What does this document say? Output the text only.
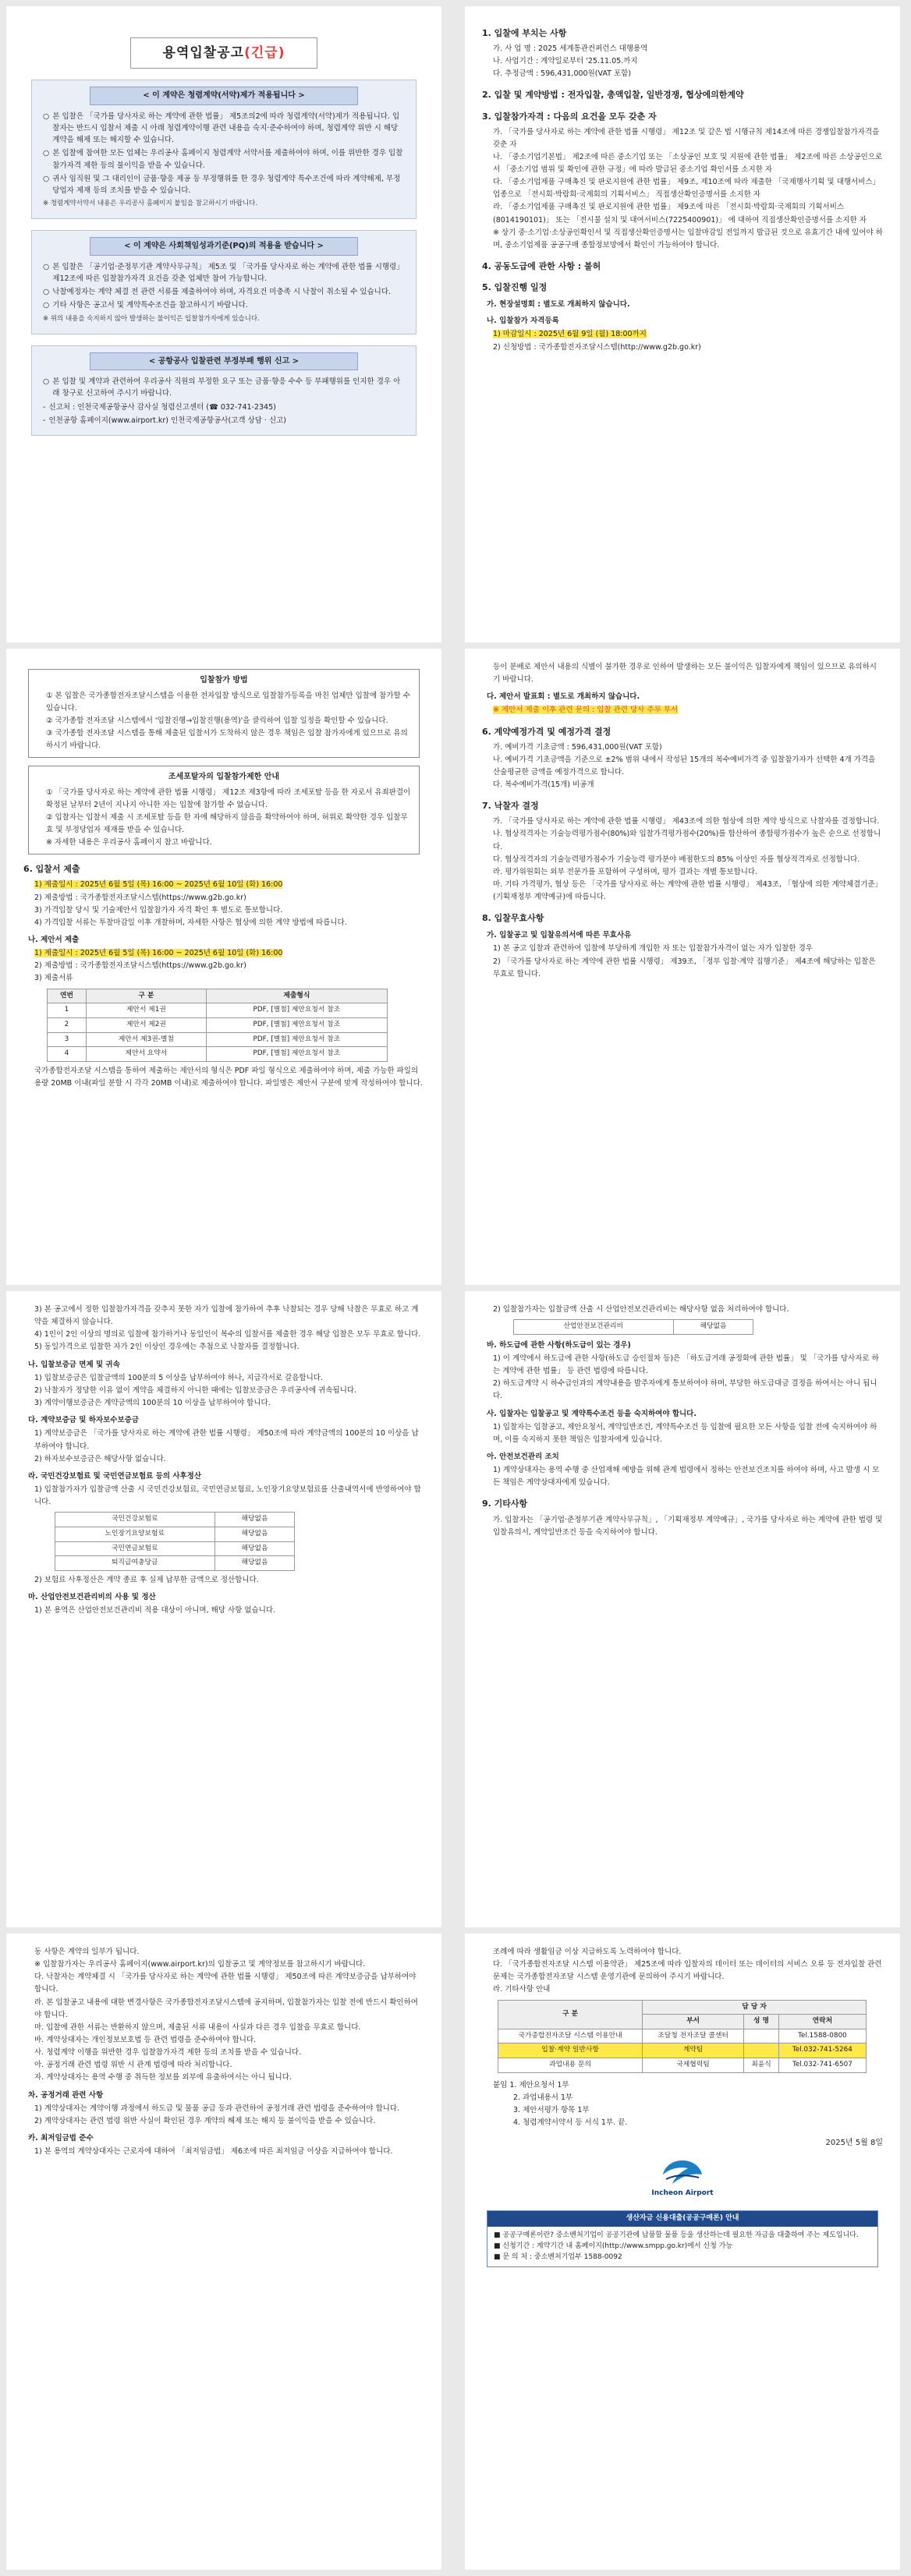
용역입찰공고(긴급)
< 이 계약은 청렴계약(서약)제가 적용됩니다 >
○ 본 입찰은 「국가를 당사자로 하는 계약에 관한 법률」 제5조의2에 따라 청렴계약(서약)제가 적용됩니다. 입찰자는 반드시 입찰서 제출 시 아래 청렴계약이행 관련 내용을 숙지·준수하여야 하며, 청렴계약 위반 시 해당 계약을 해제 또는 해지할 수 있습니다.
○ 본 입찰에 참여한 모든 업체는 우리공사 홈페이지 청렴계약 서약서를 제출하여야 하며, 이를 위반한 경우 입찰참가자격 제한 등의 불이익을 받을 수 있습니다.
○ 귀사 임직원 및 그 대리인이 금품·향응 제공 등 부정행위를 한 경우 청렴계약 특수조건에 따라 계약해제, 부정당업자 제재 등의 조치를 받을 수 있습니다.
※ 청렴계약서약서 내용은 우리공사 홈페이지 붙임을 참고하시기 바랍니다.
< 이 계약은 사회책임성과기준(PQ)의 적용을 받습니다 >
○ 본 입찰은 「공기업·준정부기관 계약사무규칙」 제5조 및 「국가를 당사자로 하는 계약에 관한 법률 시행령」 제12조에 따른 입찰참가자격 요건을 갖춘 업체만 참여 가능합니다.
○ 낙찰예정자는 계약 체결 전 관련 서류를 제출하여야 하며, 자격요건 미충족 시 낙찰이 취소될 수 있습니다.
○ 기타 사항은 공고서 및 계약특수조건을 참고하시기 바랍니다.
※ 위의 내용을 숙지하지 않아 발생하는 불이익은 입찰참가자에게 있습니다.
< 공항공사 입찰관련 부정부패 행위 신고 >
○ 본 입찰 및 계약과 관련하여 우리공사 직원의 부정한 요구 또는 금품·향응 수수 등 부패행위를 인지한 경우 아래 창구로 신고하여 주시기 바랍니다.
- 신고처 : 인천국제공항공사 감사실 청렴신고센터 (☎ 032-741-2345)
- 인천공항 홈페이지(www.airport.kr) 인천국제공항공사(고객 상담 · 신고)
1. 입찰에 부치는 사항
가. 사 업 명 : 2025 세계통관컨퍼런스 대행용역
나. 사업기간 : 계약일로부터 '25.11.05.까지
다. 추정금액 : 596,431,000원(VAT 포함)
2. 입찰 및 계약방법 : 전자입찰, 총액입찰, 일반경쟁, 협상에의한계약
3. 입찰참가자격 : 다음의 요건을 모두 갖춘 자
가. 「국가를 당사자로 하는 계약에 관한 법률 시행령」 제12조 및 같은 법 시행규칙 제14조에 따른 경쟁입찰참가자격을 갖춘 자
나. 「중소기업기본법」 제2조에 따른 중소기업 또는 「소상공인 보호 및 지원에 관한 법률」 제2조에 따른 소상공인으로서 「중소기업 범위 및 확인에 관한 규정」에 따라 발급된 중소기업 확인서를 소지한 자
다. 「중소기업제품 구매촉진 및 판로지원에 관한 법률」 제9조, 제10조에 따라 제출한 「국제행사기획 및 대행서비스」 업종으로 「전시회·박람회·국제회의 기획서비스」 직접생산확인증명서를 소지한 자
라. 「중소기업제품 구매촉진 및 판로지원에 관한 법률」 제9조에 따른 「전시회·박람회·국제회의 기획서비스(8014190101)」 또는 「전시물 설치 및 대여서비스(7225400901)」 에 대하여 직접생산확인증명서를 소지한 자
※ 상기 중·소기업·소상공인확인서 및 직접생산확인증명서는 입찰마감일 전일까지 발급된 것으로 유효기간 내에 있어야 하며, 중소기업제품 공공구매 종합정보망에서 확인이 가능하여야 합니다.
4. 공동도급에 관한 사항 : 불허
5. 입찰진행 일정
가. 현장설명회 : 별도로 개최하지 않습니다.
나. 입찰참가 자격등록
1) 마감일시 : 2025년 6월 9일 (월) 18:00까지
2) 신청방법 : 국가종합전자조달시스템(http://www.g2b.go.kr)
입찰참가 방법
① 본 입찰은 국가종합전자조달시스템을 이용한 전자입찰 방식으로 입찰참가등록을 마친 업체만 입찰에 참가할 수 있습니다.
② 국가종합 전자조달 시스템에서 '입찰진행→입찰진행(용역)'을 클릭하여 입찰 일정을 확인할 수 있습니다.
③ 국가종합 전자조달 시스템을 통해 제출된 입찰서가 도착하지 않은 경우 책임은 입찰 참가자에게 있으므로 유의하시기 바랍니다.
조세포탈자의 입찰참가제한 안내
① 「국가를 당사자로 하는 계약에 관한 법률 시행령」 제12조 제3항에 따라 조세포탈 등을 한 자로서 유죄판결이 확정된 날부터 2년이 지나지 아니한 자는 입찰에 참가할 수 없습니다.
② 입찰자는 입찰서 제출 시 조세포탈 등을 한 자에 해당하지 않음을 확약하여야 하며, 허위로 확약한 경우 입찰무효 및 부정당업자 제재를 받을 수 있습니다.
※ 자세한 내용은 우리공사 홈페이지 참고 바랍니다.
6. 입찰서 제출
1) 제출일시 : 2025년 6월 5일 (목) 16:00 ~ 2025년 6월 10일 (화) 16:00
2) 제출방법 : 국가종합전자조달시스템(https://www.g2b.go.kr)
3) 가격입찰 당시 및 기술제안서 입찰참가자 자격 확인 후 별도로 통보합니다.
4) 가격입찰 서류는 투찰마감일 이후 개찰하며, 자세한 사항은 협상에 의한 계약 방법에 따릅니다.
나. 제안서 제출
1) 제출일시 : 2025년 6월 5일 (목) 16:00 ~ 2025년 6월 10일 (화) 16:00
2) 제출방법 : 국가종합전자조달시스템(https://www.g2b.go.kr)
3) 제출서류
연번	구 분	제출형식
1	제안서 제1권	PDF, [별첨] 제안요청서 참조
2	제안서 제2권	PDF, [별첨] 제안요청서 참조
3	제안서 제3권-별첨	PDF, [별첨] 제안요청서 참조
4	제안서 요약서	PDF, [별첨] 제안요청서 참조
국가종합전자조달 시스템을 통하여 제출하는 제안서의 형식은 PDF 파일 형식으로 제출하여야 하며, 제출 가능한 파일의 용량 20MB 이내(파일 분할 시 각각 20MB 이내)로 제출하여야 합니다. 파일명은 제안서 구분에 맞게 작성하여야 합니다.
등이 분배로 제안서 내용의 식별이 불가한 경우로 인하여 발생하는 모든 불이익은 입찰자에게 책임이 있으므로 유의하시기 바랍니다.
다. 제안서 발표회 : 별도로 개최하지 않습니다.
※ 제안서 제출 이후 관련 문의 : 입찰 관련 당사 주무 부서
6. 계약예정가격 및 예정가격 결정
가. 예비가격 기초금액 : 596,431,000원(VAT 포함)
나. 예비가격 기초금액을 기준으로 ±2% 범위 내에서 작성된 15개의 복수예비가격 중 입찰참가자가 선택한 4개 가격을 산술평균한 금액을 예정가격으로 합니다.
다. 복수예비가격(15개) 비공개
7. 낙찰자 결정
가. 「국가를 당사자로 하는 계약에 관한 법률 시행령」 제43조에 의한 협상에 의한 계약 방식으로 낙찰자를 결정합니다.
나. 협상적격자는 기술능력평가점수(80%)와 입찰가격평가점수(20%)를 합산하여 종합평가점수가 높은 순으로 선정합니다.
다. 협상적격자의 기술능력평가점수가 기술능력 평가분야 배점한도의 85% 이상인 자를 협상적격자로 선정합니다.
라. 평가위원회는 외부 전문가를 포함하여 구성하며, 평가 결과는 개별 통보합니다.
마. 기타 가격평가, 협상 등은 「국가를 당사자로 하는 계약에 관한 법률 시행령」 제43조, 「협상에 의한 계약체결기준」(기획재정부 계약예규)에 따릅니다.
8. 입찰무효사항
가. 입찰공고 및 입찰유의서에 따른 무효사유
1) 본 공고 입찰과 관련하여 입찰에 부당하게 개입한 자 또는 입찰참가자격이 없는 자가 입찰한 경우
2) 「국가를 당사자로 하는 계약에 관한 법률 시행령」 제39조, 「정부 입찰·계약 집행기준」 제4조에 해당하는 입찰은 무효로 합니다.
3) 본 공고에서 정한 입찰참가자격을 갖추지 못한 자가 입찰에 참가하여 추후 낙찰되는 경우 당해 낙찰은 무효로 하고 계약을 체결하지 않습니다.
4) 1인이 2인 이상의 명의로 입찰에 참가하거나 동일인이 복수의 입찰서를 제출한 경우 해당 입찰은 모두 무효로 합니다.
5) 동일가격으로 입찰한 자가 2인 이상인 경우에는 추첨으로 낙찰자를 결정합니다.
나. 입찰보증금 면제 및 귀속
1) 입찰보증금은 입찰금액의 100분의 5 이상을 납부하여야 하나, 지급각서로 갈음합니다.
2) 낙찰자가 정당한 이유 없이 계약을 체결하지 아니한 때에는 입찰보증금은 우리공사에 귀속됩니다.
3) 계약이행보증금은 계약금액의 100분의 10 이상을 납부하여야 합니다.
다. 계약보증금 및 하자보수보증금
1) 계약보증금은 「국가를 당사자로 하는 계약에 관한 법률 시행령」 제50조에 따라 계약금액의 100분의 10 이상을 납부하여야 합니다.
2) 하자보수보증금은 해당사항 없습니다.
라. 국민건강보험료 및 국민연금보험료 등의 사후정산
1) 입찰참가자가 입찰금액 산출 시 국민건강보험료, 국민연금보험료, 노인장기요양보험료를 산출내역서에 반영하여야 합니다.
국민건강보험료	해당없음
노인장기요양보험료	해당없음
국민연금보험료	해당없음
퇴직급여충당금	해당없음
2) 보험료 사후정산은 계약 종료 후 실제 납부한 금액으로 정산합니다.
마. 산업안전보건관리비의 사용 및 정산
1) 본 용역은 산업안전보건관리비 적용 대상이 아니며, 해당 사항 없습니다.
2) 입찰참가자는 입찰금액 산출 시 산업안전보건관리비는 해당사항 없음 처리하여야 합니다.
산업안전보건관리비	해당없음
바. 하도급에 관한 사항(하도급이 있는 경우)
1) 이 계약에서 하도급에 관한 사항(하도급 승인절차 등)은 「하도급거래 공정화에 관한 법률」 및 「국가를 당사자로 하는 계약에 관한 법률」 등 관련 법령에 따릅니다.
2) 하도급계약 시 하수급인과의 계약내용을 발주자에게 통보하여야 하며, 부당한 하도급대금 결정을 하여서는 아니 됩니다.
사. 입찰자는 입찰공고 및 계약특수조건 등을 숙지하여야 합니다.
1) 입찰자는 입찰공고, 제안요청서, 계약일반조건, 계약특수조건 등 입찰에 필요한 모든 사항을 입찰 전에 숙지하여야 하며, 이를 숙지하지 못한 책임은 입찰자에게 있습니다.
아. 안전보건관리 조치
1) 계약상대자는 용역 수행 중 산업재해 예방을 위해 관계 법령에서 정하는 안전보건조치를 하여야 하며, 사고 발생 시 모든 책임은 계약상대자에게 있습니다.
9. 기타사항
가. 입찰자는 「공기업·준정부기관 계약사무규칙」, 「기획재정부 계약예규」, 국가를 당사자로 하는 계약에 관한 법령 및 입찰유의서, 계약일반조건 등을 숙지하여야 합니다.
동 사항은 계약의 일부가 됩니다.
※ 입찰참가자는 우리공사 홈페이지(www.airport.kr)의 입찰공고 및 계약정보를 참고하시기 바랍니다.
다. 낙찰자는 계약체결 시 「국가를 당사자로 하는 계약에 관한 법률 시행령」 제50조에 따른 계약보증금을 납부하여야 합니다.
라. 본 입찰공고 내용에 대한 변경사항은 국가종합전자조달시스템에 공지하며, 입찰참가자는 입찰 전에 반드시 확인하여야 합니다.
마. 입찰에 관한 서류는 반환하지 않으며, 제출된 서류 내용이 사실과 다른 경우 입찰을 무효로 합니다.
바. 계약상대자는 개인정보보호법 등 관련 법령을 준수하여야 합니다.
사. 청렴계약 이행을 위반한 경우 입찰참가자격 제한 등의 조치를 받을 수 있습니다.
아. 공정거래 관련 법령 위반 시 관계 법령에 따라 처리합니다.
자. 계약상대자는 용역 수행 중 취득한 정보를 외부에 유출하여서는 아니 됩니다.
차. 공정거래 관련 사항
1) 계약상대자는 계약이행 과정에서 하도급 및 물품 공급 등과 관련하여 공정거래 관련 법령을 준수하여야 합니다.
2) 계약상대자는 관련 법령 위반 사실이 확인된 경우 계약의 해제 또는 해지 등 불이익을 받을 수 있습니다.
카. 최저임금법 준수
1) 본 용역의 계약상대자는 근로자에 대하여 「최저임금법」 제6조에 따른 최저임금 이상을 지급하여야 합니다.
조례에 따라 생활임금 이상 지급하도록 노력하여야 합니다.
다. 「국가종합전자조달 시스템 이용약관」 제25조에 따라 입찰자의 데이터 또는 데이터의 서비스 오류 등 전자입찰 관련 문제는 국가종합전자조달 시스템 운영기관에 문의하여 주시기 바랍니다.
라. 기타사항 안내
구 분	담 당 자		
	부서	성 명	연락처
국가종합전자조달 시스템 이용안내	조달청 전자조달 콜센터		Tel.1588-0800
입찰·계약 일반사항	계약팀		Tel.032-741-5264
과업내용 문의	국제협력팀	최윤식	Tel.032-741-6507
붙임 1. 제안요청서 1부
2. 과업내용서 1부
3. 제안서평가 항목 1부
4. 청렴계약서약서 등 서식 1부. 끝.
2025년 5월 8일
Incheon Airport
생산자금 신용대출(공공구매론) 안내
■ 공공구매론이란? 중소벤처기업이 공공기관에 납품할 물품 등을 생산하는데 필요한 자금을 대출하여 주는 제도입니다.
■ 신청기간 : 계약기간 내 홈페이지(http://www.smpp.go.kr)에서 신청 가능
■ 문 의 처 : 중소벤처기업부 1588-0092
